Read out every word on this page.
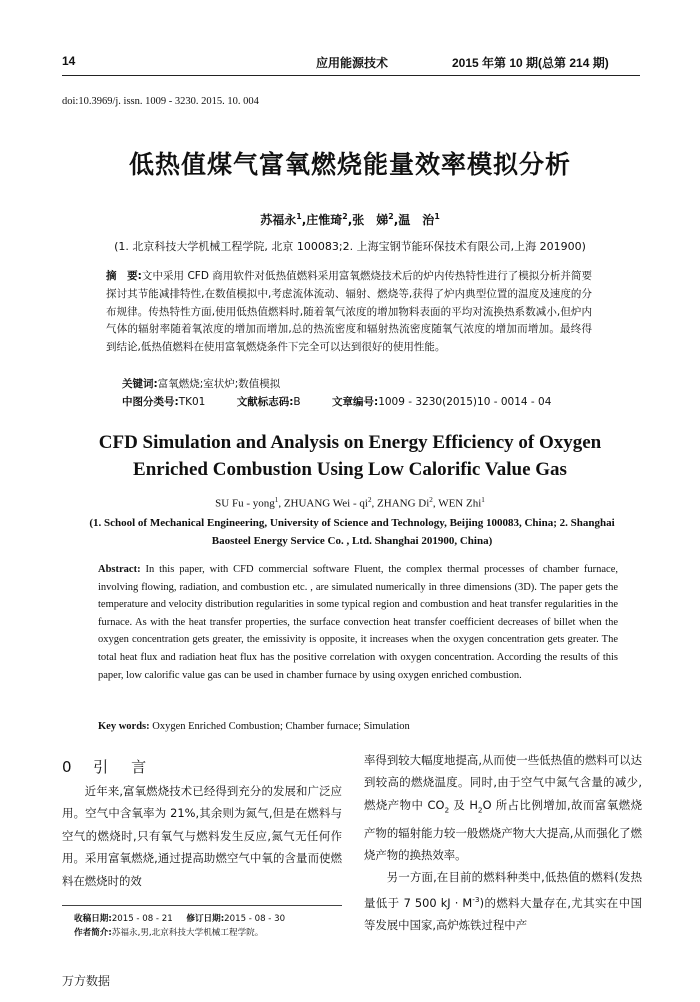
14	应用能源技术	2015 年第 10 期(总第 214 期)
doi:10.3969/j. issn. 1009 - 3230. 2015. 10. 004
低热值煤气富氧燃烧能量效率模拟分析
苏福永$^1$,庄惟琦$^2$,张　娣$^2$,温　治$^1$
(1. 北京科技大学机械工程学院, 北京 100083;2. 上海宝钢节能环保技术有限公司,上海 201900)
摘　要:文中采用 CFD 商用软件对低热值燃料采用富氧燃烧技术后的炉内传热特性进行了模拟分析并简要探讨其节能减排特性,在数值模拟中,考虑流体流动、辐射、燃烧等,获得了炉内典型位置的温度及速度的分布规律。传热特性方面,使用低热值燃料时,随着氧气浓度的增加物料表面的平均对流换热系数减小,但炉内气体的辐射率随着氧浓度的增加而增加,总的热流密度和辐射热流密度随氧气浓度的增加而增加。最终得到结论,低热值燃料在使用富氧燃烧条件下完全可以达到很好的使用性能。
关键词:富氧燃烧;室状炉;数值模拟
中图分类号:TK01	文献标志码:B	文章编号:1009 - 3230(2015)10 - 0014 - 04
CFD Simulation and Analysis on Energy Efficiency of Oxygen
Enriched Combustion Using Low Calorific Value Gas
SU Fu - yong$^1$, ZHUANG Wei - $qi^2$, ZHANG Di$^2$, WEN Zhi$^1$
(1. School of Mechanical Engineering, University of Science and Technology, Beijing 100083, China; 2. Shanghai Baosteel Energy Service Co. , Ltd. Shanghai 201900, China)
Abstract: In this paper, with CFD commercial software Fluent, the complex thermal processes of chamber furnace, involving flowing, radiation, and combustion etc. , are simulated numerically in three dimensions (3D). The paper gets the temperature and velocity distribution regularities in some typical region and combustion and heat transfer regularities in the furnace. As with the heat transfer properties, the surface convection heat transfer coefficient decreases of billet when the oxygen concentration gets greater, the emissivity is opposite, it increases when the oxygen concentration gets greater. The total heat flux and radiation heat flux has the positive correlation with oxygen concentration. According the results of this paper, low calorific value gas can be used in chamber furnace by using oxygen enriched combustion.
Key words: Oxygen Enriched Combustion; Chamber furnace; Simulation
0 引　言

近年来,富氧燃烧技术已经得到充分的发展和广泛应用。空气中含氧率为 21%,其余则为氮气,但是在燃料与空气的燃烧时,只有氧气与燃料发生反应,氮气无任何作用。采用富氧燃烧,通过提高助燃空气中氧的含量而使燃料在燃烧时的效

率得到较大幅度地提高,从而使一些低热值的燃料可以达到较高的燃烧温度。同时,由于空气中氮气含量的减少,燃烧产物中 $CO_2$ 及 $H_2O$ 所占比例增加,故而富氧燃烧产物的辐射能力较一般燃烧产物大大提高,从而强化了燃烧产物的换热效率。

另一方面,在目前的燃料种类中,低热值的燃料(发热量低于 7 500 kJ · $M^{-3}$)的燃料大量存在,尤其实在中国等发展中国家,高炉炼铁过程中产

收稿日期:2015 - 08 - 21 修订日期:2015 - 08 - 30
作者简介:苏福永,男,北京科技大学机械工程学院。
万方数据
